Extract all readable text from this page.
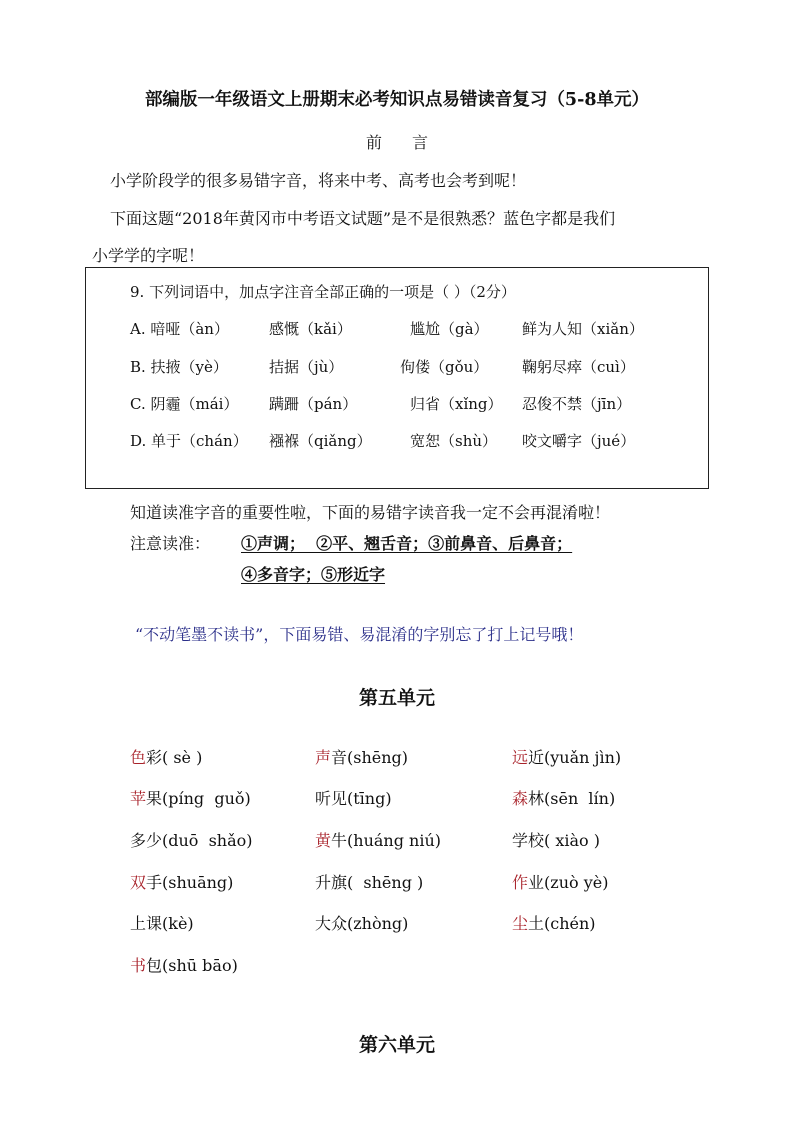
部编版一年级语文上册期末必考知识点易错读音复习（5-8单元）
前 言
小学阶段学的很多易错字音，将来中考、高考也会考到呢！
下面这题“2018年黄冈市中考语文试题”是不是很熟悉？蓝色字都是我们
小学学的字呢！
9. 下列词语中，加点字注音全部正确的一项是（ ）（2分）
A. 喑哑（àn）	感慨（kǎi）	尴尬（gà） 鲜为人知（xiǎn）
B. 扶掖（yè）	拮据（jù）	佝偻（gǒu） 鞠躬尽瘁（cuì）
C. 阴霾（mái） 蹒跚（pán）	归省（xǐng） 忍俊不禁（jīn）
D. 单于（chán） 襁褓（qiǎng）	宽恕（shù） 咬文嚼字（jué）
知道读准字音的重要性啦，下面的易错字读音我一定不会再混淆啦！
注意读准： ①声调；  ②平、翘舌音；③前鼻音、后鼻音；
④多音字；⑤形近字
“不动笔墨不读书”，下面易错、易混淆的字别忘了打上记号哦！
第五单元
色彩( sè )	声音(shēng)	远近(yuǎn jìn)
苹果(píng  guǒ)	听见(tīng)	森林(sēn  lín)
多少(duō  shǎo)	黄牛(huáng niú)	学校( xiào )
双手(shuāng)	升旗(  shēng )	作业(zuò yè)
上课(kè)	大众(zhòng)	尘土(chén)
书包(shū bāo)
第六单元
